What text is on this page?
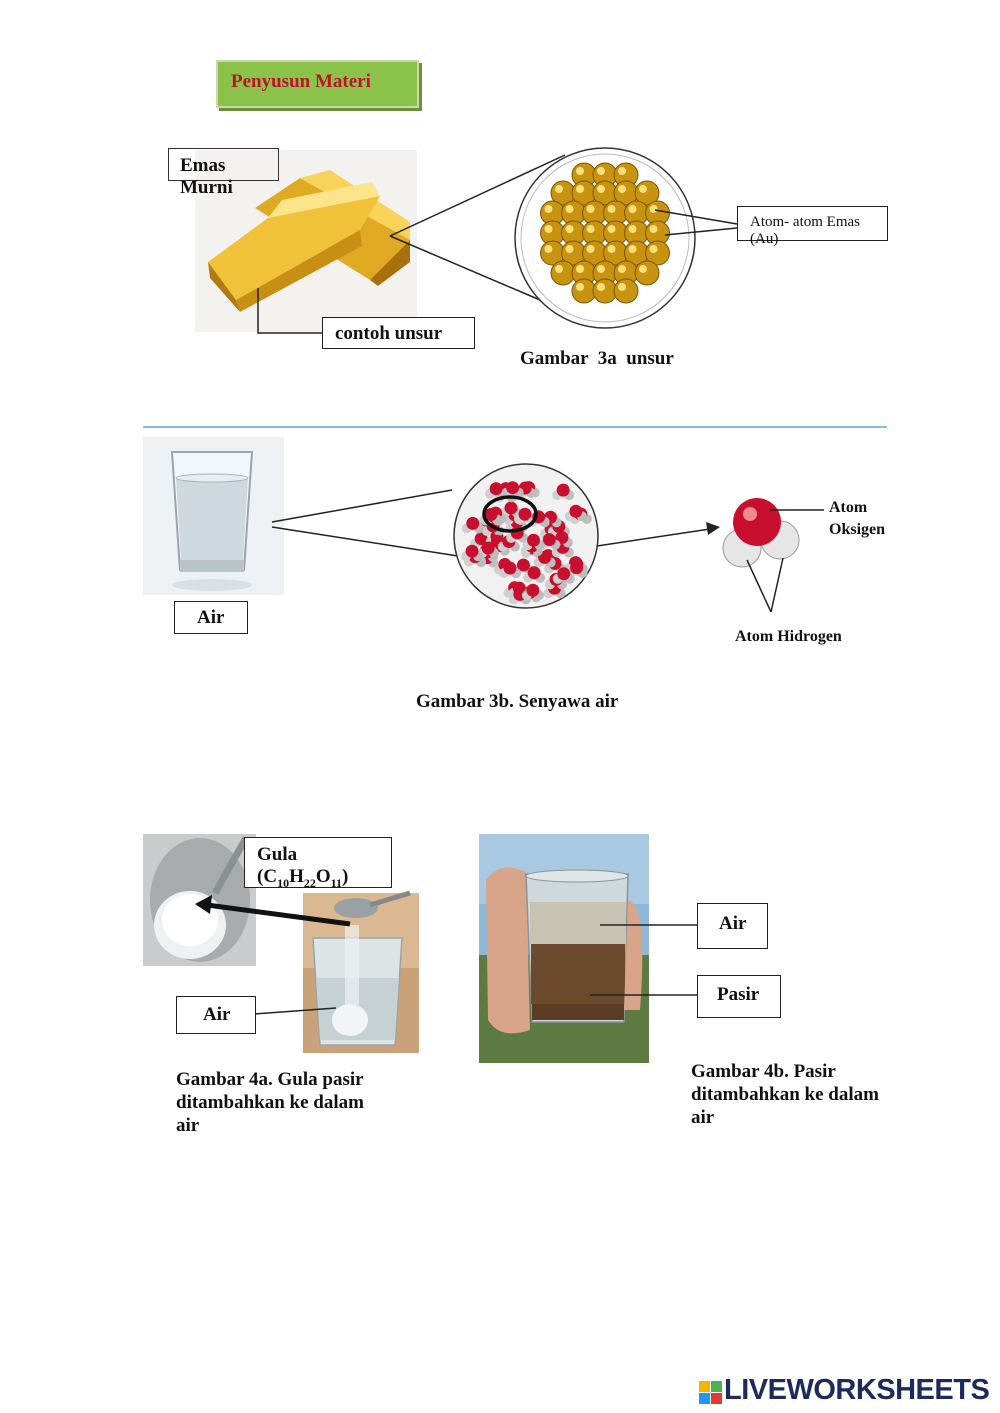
Penyusun Materi
Emas Murni
contoh unsur
Atom- atom Emas (Au)
Gambar  3a  unsur
Air
Atom Oksigen
Atom Hidrogen
Gambar 3b. Senyawa air
Gula
$(C_{10}H_{22}O_{11})$
Air
Gambar 4a. Gula pasir ditambahkan ke dalam air
Air
Pasir
Gambar 4b. Pasir ditambahkan ke dalam air
LIVEWORKSHEETS
